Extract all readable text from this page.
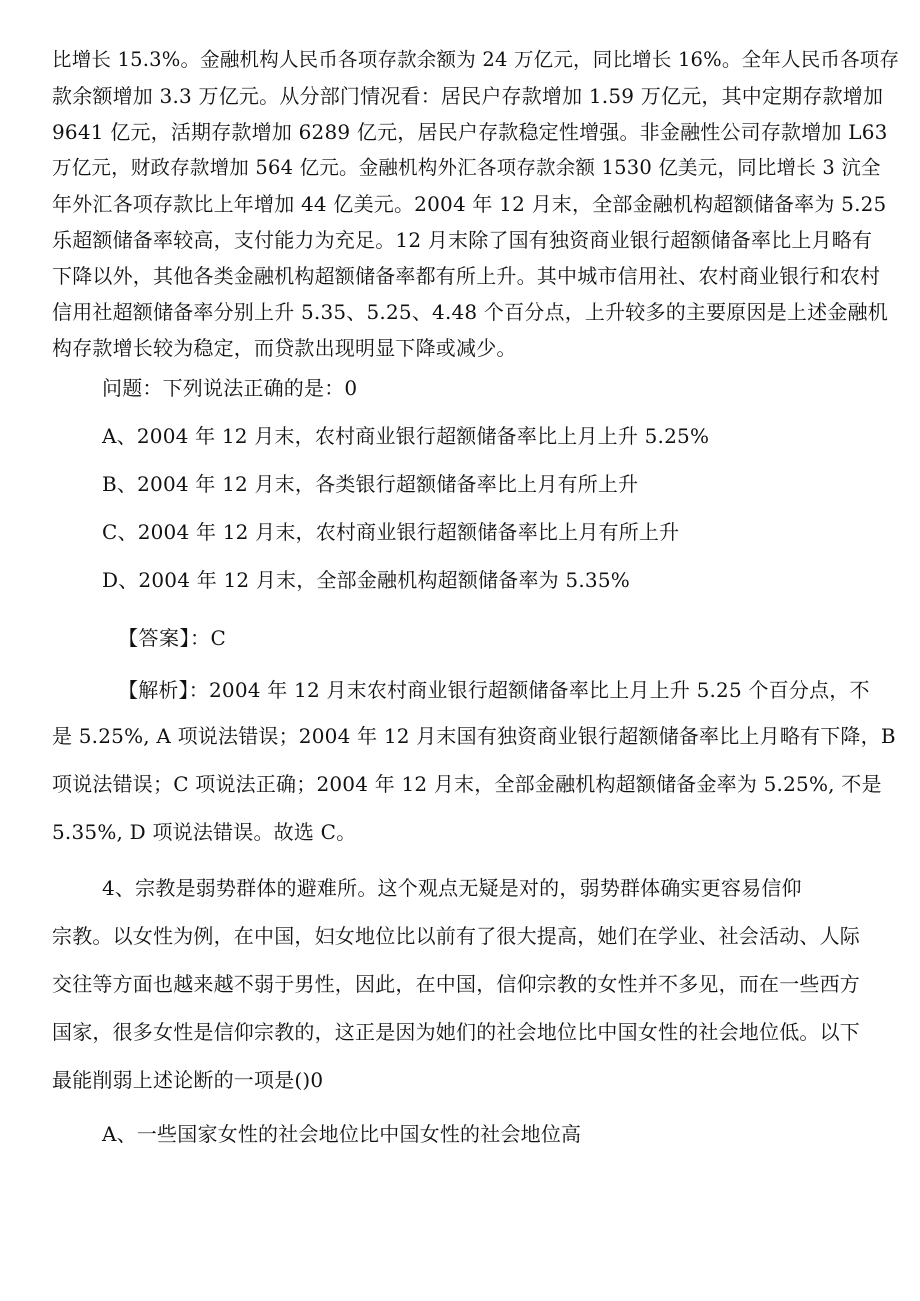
比增长 15.3%。金融机构人民币各项存款余额为 24 万亿元，同比增长 16%。全年人民币各项存
款余额增加 3.3 万亿元。从分部门情况看：居民户存款增加 1.59 万亿元，其中定期存款增加
9641 亿元，活期存款增加 6289 亿元，居民户存款稳定性增强。非金融性公司存款增加 L63
万亿元，财政存款增加 564 亿元。金融机构外汇各项存款余额 1530 亿美元，同比增长 3 沆全
年外汇各项存款比上年增加 44 亿美元。2004 年 12 月末，全部金融机构超额储备率为 5.25
乐超额储备率较高，支付能力为充足。12 月末除了国有独资商业银行超额储备率比上月略有
下降以外，其他各类金融机构超额储备率都有所上升。其中城市信用社、农村商业银行和农村
信用社超额储备率分别上升 5.35、5.25、4.48 个百分点，上升较多的主要原因是上述金融机
构存款增长较为稳定，而贷款出现明显下降或减少。
问题：下列说法正确的是：0
A、2004 年 12 月末，农村商业银行超额储备率比上月上升 5.25%
B、2004 年 12 月末，各类银行超额储备率比上月有所上升
C、2004 年 12 月末，农村商业银行超额储备率比上月有所上升
D、2004 年 12 月末，全部金融机构超额储备率为 5.35%
【答案】：C
【解析】：2004 年 12 月末农村商业银行超额储备率比上月上升 5.25 个百分点，不
是 5.25%, A 项说法错误；2004 年 12 月末国有独资商业银行超额储备率比上月略有下降，B
项说法错误；C 项说法正确；2004 年 12 月末，全部金融机构超额储备金率为 5.25%, 不是
5.35%, D 项说法错误。故选 C。
4、宗教是弱势群体的避难所。这个观点无疑是对的，弱势群体确实更容易信仰
宗教。以女性为例，在中国，妇女地位比以前有了很大提高，她们在学业、社会活动、人际
交往等方面也越来越不弱于男性，因此，在中国，信仰宗教的女性并不多见，而在一些西方
国家，很多女性是信仰宗教的，这正是因为她们的社会地位比中国女性的社会地位低。以下
最能削弱上述论断的一项是()0
A、一些国家女性的社会地位比中国女性的社会地位高
